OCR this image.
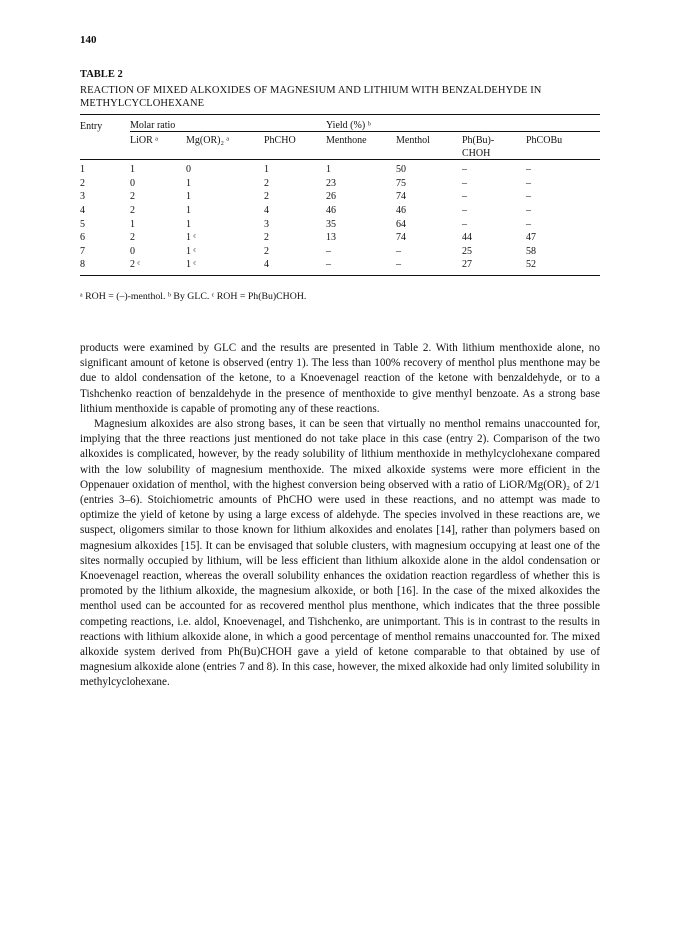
140
TABLE 2
REACTION OF MIXED ALKOXIDES OF MAGNESIUM AND LITHIUM WITH BENZALDEHYDE IN METHYLCYCLOHEXANE
Entry	Molar ratio			Yield (%) ᵇ			
	LiOR ᵃ	Mg(OR)₂ ᵃ	PhCHO	Menthone	Menthol	Ph(Bu)-	PhCOBu
						CHOH	
1	1	0	1	1	50	–	–
2	0	1	2	23	75	–	–
3	2	1	2	26	74	–	–
4	2	1	4	46	46	–	–
5	1	1	3	35	64	–	–
6	2	1 ᶜ	2	13	74	44	47
7	0	1 ᶜ	2	–	–	25	58
8	2 ᶜ	1 ᶜ	4	–	–	27	52
ᵃ ROH = (–)-menthol. ᵇ By GLC. ᶜ ROH = Ph(Bu)CHOH.

products were examined by GLC and the results are presented in Table 2. With lithium menthoxide alone, no significant amount of ketone is observed (entry 1). The less than 100% recovery of menthol plus menthone may be due to aldol condensation of the ketone, to a Knoevenagel reaction of the ketone with benzaldehyde, or to a Tishchenko reaction of benzaldehyde in the presence of menthoxide to give menthyl benzoate. As a strong base lithium menthoxide is capable of promoting any of these reactions.

Magnesium alkoxides are also strong bases, it can be seen that virtually no menthol remains unaccounted for, implying that the three reactions just mentioned do not take place in this case (entry 2). Comparison of the two alkoxides is complicated, however, by the ready solubility of lithium menthoxide in methylcyclohexane compared with the low solubility of magnesium menthoxide. The mixed alkoxide systems were more efficient in the Oppenauer oxidation of menthol, with the highest conversion being observed with a ratio of LiOR/Mg(OR)₂ of 2/1 (entries 3–6). Stoichiometric amounts of PhCHO were used in these reactions, and no attempt was made to optimize the yield of ketone by using a large excess of aldehyde. The species involved in these reactions are, we suspect, oligomers similar to those known for lithium alkoxides and enolates [14], rather than polymers based on magnesium alkoxides [15]. It can be envisaged that soluble clusters, with magnesium occupying at least one of the sites normally occupied by lithium, will be less efficient than lithium alkoxide alone in the aldol condensation or Knoevenagel reaction, whereas the overall solubility enhances the oxidation reaction regardless of whether this is promoted by the lithium alkoxide, the magnesium alkoxide, or both [16]. In the case of the mixed alkoxides the menthol used can be accounted for as recovered menthol plus menthone, which indicates that the three possible competing reactions, i.e. aldol, Knoevenagel, and Tishchenko, are unimportant. This is in contrast to the results in reactions with lithium alkoxide alone, in which a good percentage of menthol remains unaccounted for. The mixed alkoxide system derived from Ph(Bu)CHOH gave a yield of ketone comparable to that obtained by use of magnesium alkoxide alone (entries 7 and 8). In this case, however, the mixed alkoxide had only limited solubility in methylcyclohexane.
